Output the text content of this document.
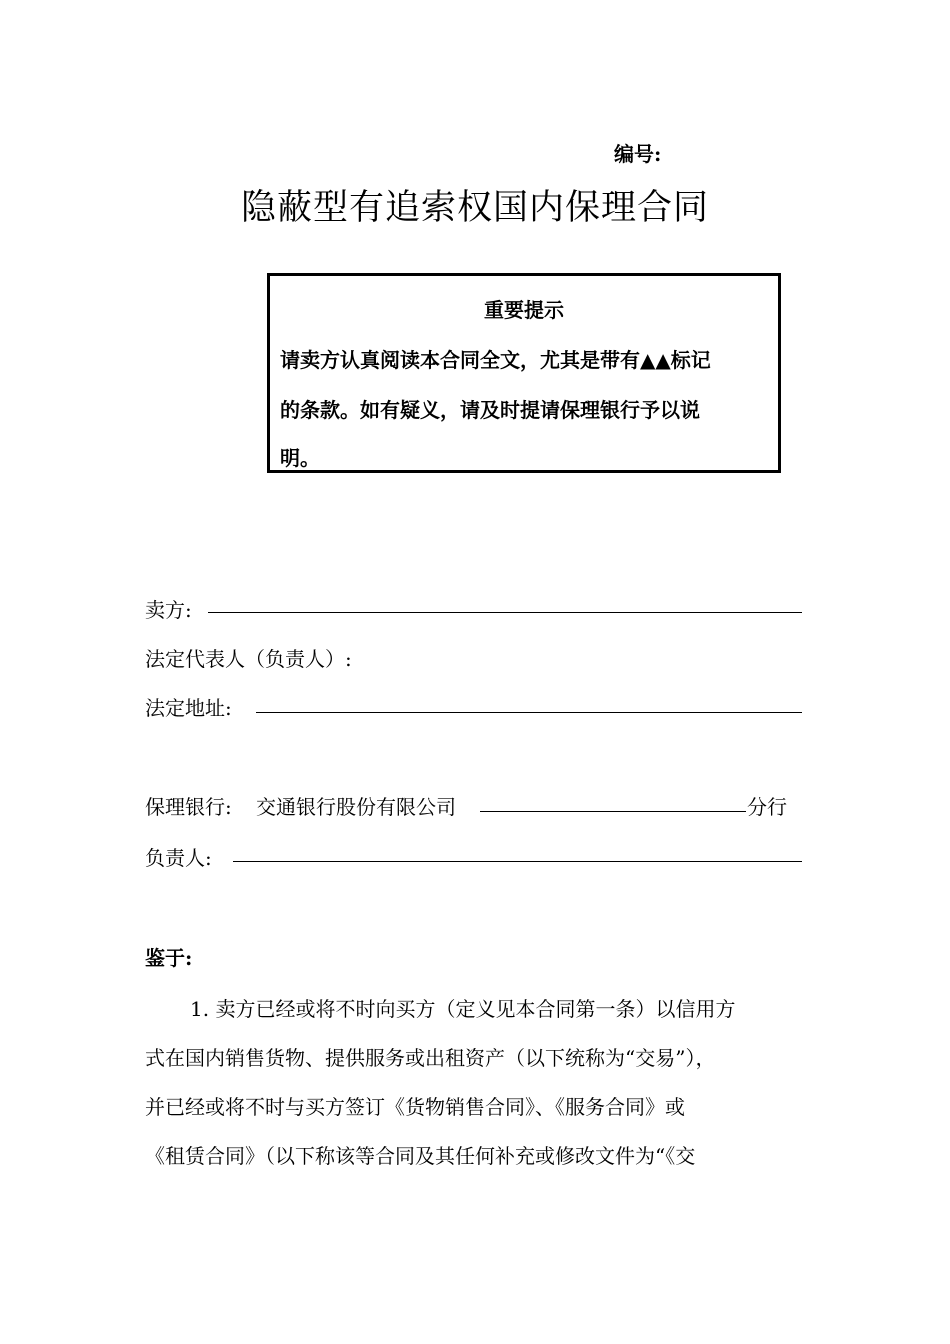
编号:
隐蔽型有追索权国内保理合同
重要提示
请卖方认真阅读本合同全文，尤其是带有▲▲标记
的条款。如有疑义，请及时提请保理银行予以说
明。
卖方:
法定代表人（负责人）:
法定地址:
保理银行: 交通银行股份有限公司	分行
负责人:
鉴于:
1. 卖方已经或将不时向买方（定义见本合同第一条）以信用方
式在国内销售货物、提供服务或出租资产（以下统称为“交易”），
并已经或将不时与买方签订《货物销售合同》、《服务合同》或
《租赁合同》（以下称该等合同及其任何补充或修改文件为“《交
